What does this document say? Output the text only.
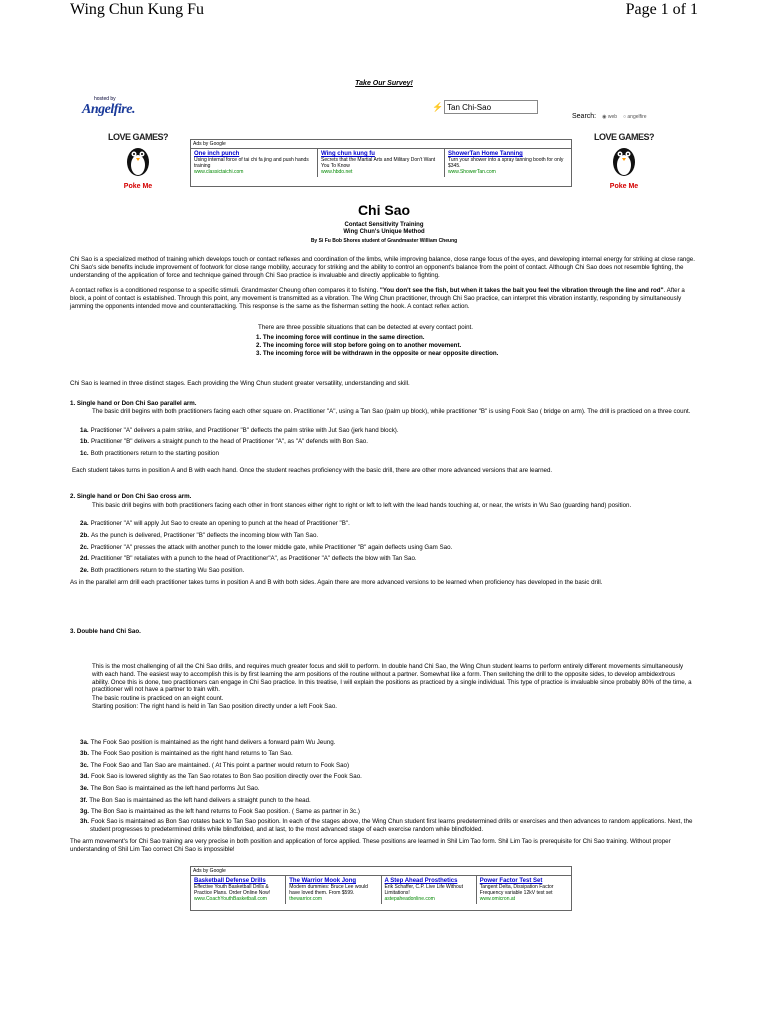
Wing Chun Kung Fu	Page 1 of 1
Take Our Survey!
hosted by
Angelfire.	⚡
Tan Chi-Sao
Search: ◉ web ○ angelfire
LOVE GAMES?
Poke Me
LOVE GAMES?
Poke Me
Ads by Google
One inch punch
Using internal force of tai chi fa jing and push hands training
www.classictaichi.com
Wing chun kung fu
Secrets that the Martial Arts and Military Don't Want You To Know
www.hbdo.net
ShowerTan Home Tanning
Turn your shower into a spray tanning booth for only $345.
www.ShowerTan.com
Chi Sao
Contact Sensitivity Training
Wing Chun's Unique Method
By Si Fu Bob Shores student of Grandmaster William Cheung
Chi Sao is a specialized method of training which develops touch or contact reflexes and coordination of the limbs, while improving balance, close range focus of the eyes, and developing internal energy for striking at close range. Chi Sao's side benefits include improvement of footwork for close range mobility, accuracy for striking and the ability to control an opponent's balance from the point of contact. Although Chi Sao does not resemble fighting, the understanding of the application of force and technique gained through Chi Sao practice is invaluable and directly applicable to fighting.
A contact reflex is a conditioned response to a specific stimuli. Grandmaster Cheung often compares it to fishing. "You don't see the fish, but when it takes the bait you feel the vibration through the line and rod". After a block, a point of contact is established. Through this point, any movement is transmitted as a vibration. The Wing Chun practitioner, through Chi Sao practice, can interpret this vibration instantly, responding by simultaneously jamming the opponents intended move and counterattacking. This response is the same as the fisherman setting the hook. A contact reflex action.
There are three possible situations that can be detected at every contact point.
1. The incoming force will continue in the same direction.
2. The incoming force will stop before going on to another movement.
3. The incoming force will be withdrawn in the opposite or near opposite direction.
Chi Sao is learned in three distinct stages. Each providing the Wing Chun student greater versatility, understanding and skill.
1. Single hand or Don Chi Sao parallel arm.
The basic drill begins with both practitioners facing each other square on. Practitioner "A", using a Tan Sao (palm up block), while practitioner "B" is using Fook Sao ( bridge on arm). The drill is practiced on a three count.
1a. Practitioner "A" delivers a palm strike, and Practitioner "B" deflects the palm strike with Jut Sao (jerk hand block).
1b. Practitioner "B" delivers a straight punch to the head of Practitioner "A", as "A" defends with Bon Sao.
1c. Both practitioners return to the starting position
Each student takes turns in position A and B with each hand. Once the student reaches proficiency with the basic drill, there are other more advanced versions that are learned.
2. Single hand or Don Chi Sao cross arm.
This basic drill begins with both practitioners facing each other in front stances either right to right or left to left with the lead hands touching at, or near, the wrists in Wu Sao (guarding hand) position.
2a. Practitioner "A" will apply Jut Sao to create an opening to punch at the head of Practitioner "B".
2b. As the punch is delivered, Practitioner "B" deflects the incoming blow with Tan Sao.
2c. Practitioner "A" presses the attack with another punch to the lower middle gate, while Practitioner "B" again deflects using Gam Sao.
2d. Practitioner "B" retaliates with a punch to the head of Practitioner"A", as Practitioner "A" deflects the blow with Tan Sao.
2e. Both practitioners return to the starting Wu Sao position.
As in the parallel arm drill each practitioner takes turns in position A and B with both sides. Again there are more advanced versions to be learned when proficiency has developed in the basic drill.
3. Double hand Chi Sao.
This is the most challenging of all the Chi Sao drills, and requires much greater focus and skill to perform. In double hand Chi Sao, the Wing Chun student learns to perform entirely different movements simultaneously with each hand. The easiest way to accomplish this is by first learning the arm positions of the routine without a partner. Somewhat like a form. Then switching the drill to the opposite sides, to develop ambidextrous ability. Once this is done, two practitioners can engage in Chi Sao practice. In this treatise, I will explain the positions as practiced by a single individual. This type of practice is invaluable since probably 80% of the time, a practitioner will not have a partner to train with.
The basic routine is practiced on an eight count.
Starting position: The right hand is held in Tan Sao position directly under a left Fook Sao.
3a. The Fook Sao position is maintained as the right hand delivers a forward palm Wu Jeung.
3b. The Fook Sao position is maintained as the right hand returns to Tan Sao.
3c. The Fook Sao and Tan Sao are maintained. ( At This point a partner would return to Fook Sao)
3d. Fook Sao is lowered slightly as the Tan Sao rotates to Bon Sao position directly over the Fook Sao.
3e. The Bon Sao is maintained as the left hand performs Jut Sao.
3f. The Bon Sao is maintained as the left hand delivers a straight punch to the head.
3g. The Bon Sao is maintained as the left hand returns to Fook Sao position. ( Same as partner in 3c.)
3h. Fook Sao is maintained as Bon Sao rotates back to Tan Sao position. In each of the stages above, the Wing Chun student first learns predetermined drills or exercises and then advances to random applications. Next, the student progresses to predetermined drills while blindfolded, and at last, to the most advanced stage of each exercise random while blindfolded.
The arm movement's for Chi Sao training are very precise in both position and application of force applied. These positions are learned in Shil Lim Tao form. Shil Lim Tao is prerequisite for Chi Sao training. Without proper understanding of Shil Lim Tao correct Chi Sao is impossible!
Ads by Google
Basketball Defense Drills
Effective Youth Basketball Drills & Practice Plans. Order Online Now!
www.CoachYouthBasketball.com
The Warrior Mook Jong
Modern dummies: Bruce Lee would have loved them. From $599.
thewarrior.com
A Step Ahead Prosthetics
Erik Schaffer, C.P. Live Life Without Limitations!
astepaheadonline.com
Power Factor Test Set
Tangent Delta, Dissipation Factor Frequency variable 12kV test set
www.omicron.at
